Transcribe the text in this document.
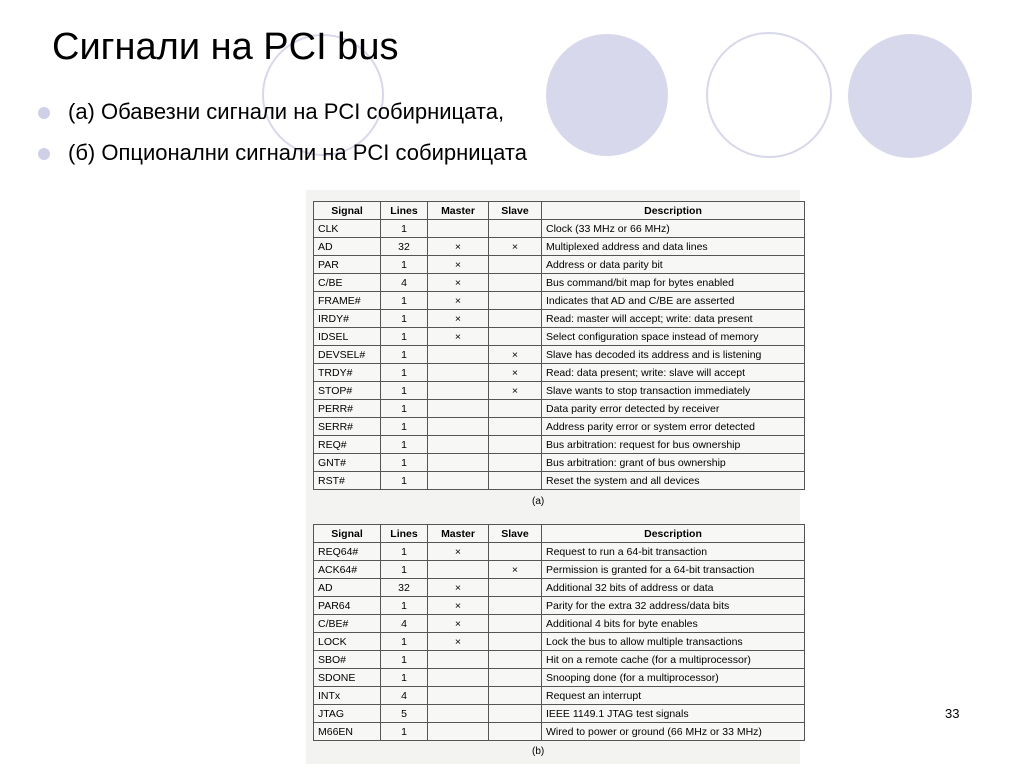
Сигнали на PCI bus
(a) Обавезни сигнали на PCI собирницата,
(б) Опционални сигнали на PCI собирницата
Signal	Lines	Master	Slave	Description
CLK	1			Clock (33 MHz or 66 MHz)
AD	32	×	×	Multiplexed address and data lines
PAR	1	×		Address or data parity bit
C/BE	4	×		Bus command/bit map for bytes enabled
FRAME#	1	×		Indicates that AD and C/BE are asserted
IRDY#	1	×		Read: master will accept; write: data present
IDSEL	1	×		Select configuration space instead of memory
DEVSEL#	1		×	Slave has decoded its address and is listening
TRDY#	1		×	Read: data present; write: slave will accept
STOP#	1		×	Slave wants to stop transaction immediately
PERR#	1			Data parity error detected by receiver
SERR#	1			Address parity error or system error detected
REQ#	1			Bus arbitration: request for bus ownership
GNT#	1			Bus arbitration: grant of bus ownership
RST#	1			Reset the system and all devices
(a)
Signal	Lines	Master	Slave	Description
REQ64#	1	×		Request to run a 64-bit transaction
ACK64#	1		×	Permission is granted for a 64-bit transaction
AD	32	×		Additional 32 bits of address or data
PAR64	1	×		Parity for the extra 32 address/data bits
C/BE#	4	×		Additional 4 bits for byte enables
LOCK	1	×		Lock the bus to allow multiple transactions
SBO#	1			Hit on a remote cache (for a multiprocessor)
SDONE	1			Snooping done (for a multiprocessor)
INTx	4			Request an interrupt
JTAG	5			IEEE 1149.1 JTAG test signals
M66EN	1			Wired to power or ground (66 MHz or 33 MHz)
(b)
33
